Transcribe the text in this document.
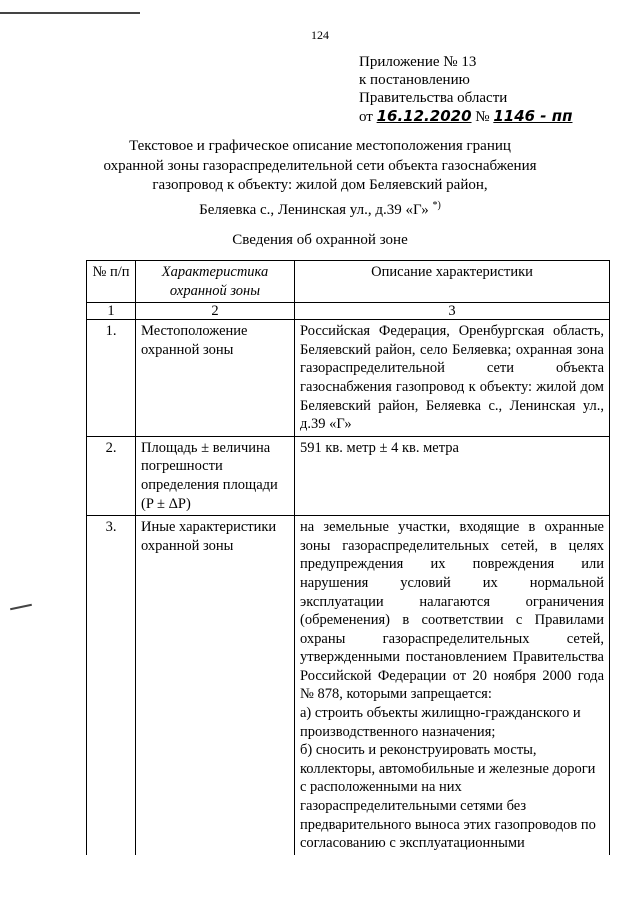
124
Приложение № 13
к постановлению
Правительства области
от 16.12.2020 № 1146 - пп
Текстовое и графическое описание местоположения границ
охранной зоны газораспределительной сети объекта газоснабжения
газопровод к объекту: жилой дом Беляевский район,
Беляевка с., Ленинская ул., д.39 «Г» *)
Сведения об охранной зоне
№ п/п	Характеристика охранной зоны	Описание характеристики
1	2	3
1.	Местоположение охранной зоны	Российская Федерация, Оренбургская область, Беляевский район, село Беляевка; охранная зона газораспределительной сети объекта газоснабжения газопровод к объекту: жилой дом Беляевский район, Беляевка с., Ленинская ул., д.39 «Г»
2.	Площадь ± величина погрешности определения площади (P ± ΔP)	591 кв. метр ± 4 кв. метра
3.	Иные характеристики охранной зоны	на земельные участки, входящие в охранные зоны газораспределительных сетей, в целях предупреждения их повреждения или нарушения условий их нормальной эксплуатации налагаются ограничения (обременения) в соответствии с Правилами охраны газораспределительных сетей, утвержденными постановлением Правительства Российской Федерации от 20 ноября 2000 года № 878, которыми запрещается:
а) строить объекты жилищно-гражданского и производственного назначения;
б) сносить и реконструировать мосты, коллекторы, автомобильные и железные дороги с расположенными на них газораспределительными сетями без предварительного выноса этих газопроводов по согласованию с эксплуатационными
